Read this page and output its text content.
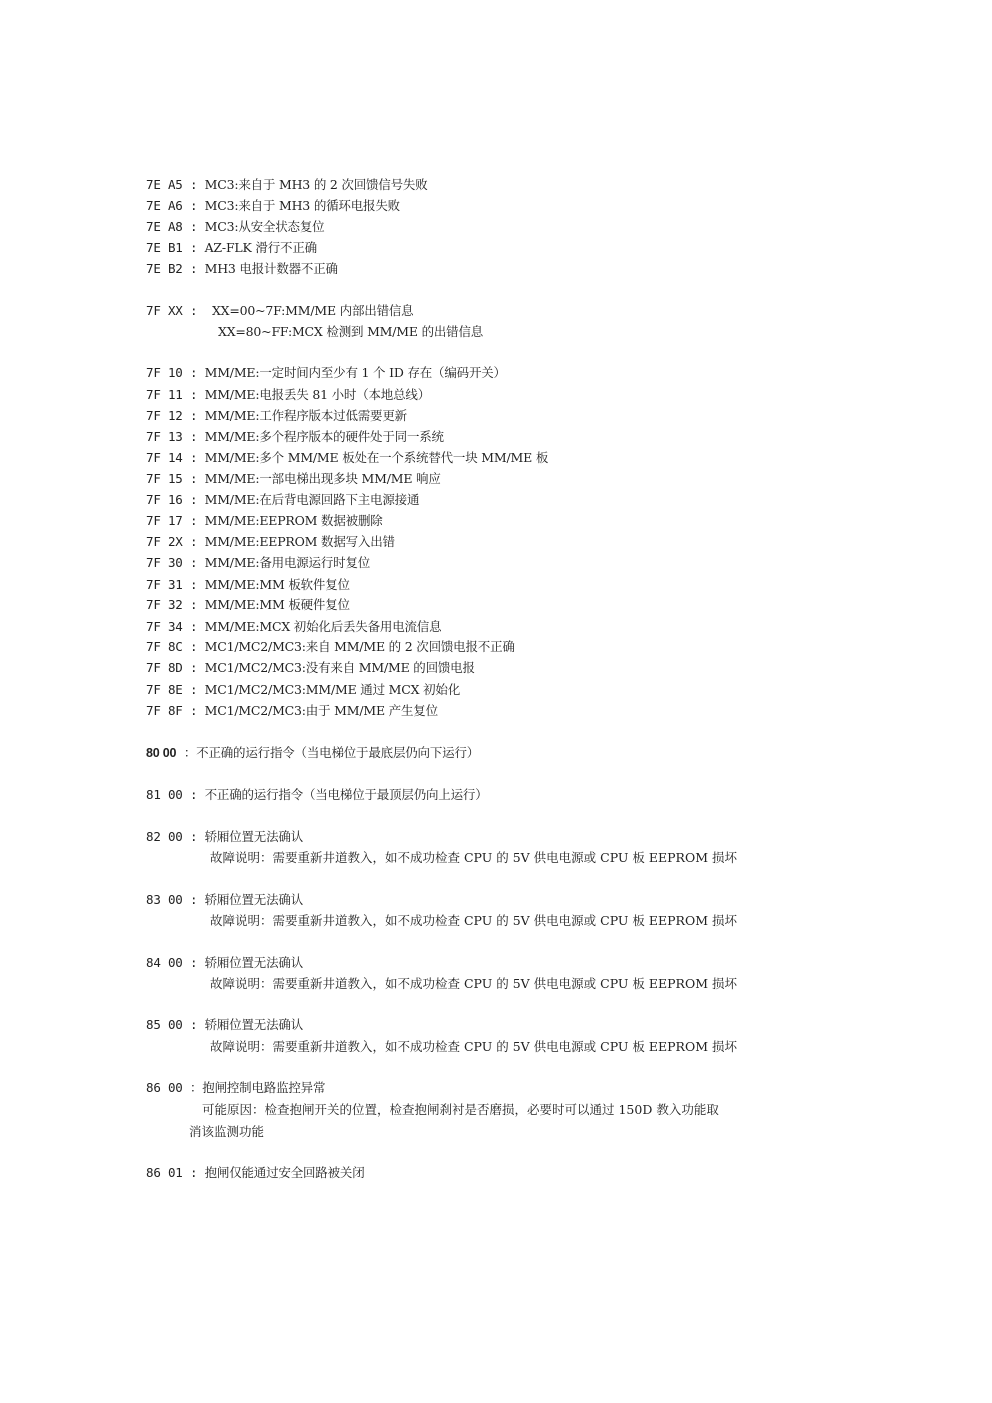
7E A5 : MC3:来自于 MH3 的 2 次回馈信号失败
7E A6 : MC3:来自于 MH3 的循环电报失败
7E A8 : MC3:从安全状态复位
7E B1 : AZ-FLK 滑行不正确
7E B2 : MH3 电报计数器不正确
7F XX :  XX=00~7F:MM/ME 内部出错信息
XX=80~FF:MCX 检测到 MM/ME 的出错信息
7F 10 : MM/ME:一定时间内至少有 1 个 ID 存在（编码开关）
7F 11 : MM/ME:电报丢失 81 小时（本地总线）
7F 12 : MM/ME:工作程序版本过低需要更新
7F 13 : MM/ME:多个程序版本的硬件处于同一系统
7F 14 : MM/ME:多个 MM/ME 板处在一个系统替代一块 MM/ME 板
7F 15 : MM/ME:一部电梯出现多块 MM/ME 响应
7F 16 : MM/ME:在后背电源回路下主电源接通
7F 17 : MM/ME:EEPROM 数据被删除
7F 2X : MM/ME:EEPROM 数据写入出错
7F 30 : MM/ME:备用电源运行时复位
7F 31 : MM/ME:MM 板软件复位
7F 32 : MM/ME:MM 板硬件复位
7F 34 : MM/ME:MCX 初始化后丢失备用电流信息
7F 8C : MC1/MC2/MC3:来自 MM/ME 的 2 次回馈电报不正确
7F 8D : MC1/MC2/MC3:没有来自 MM/ME 的回馈电报
7F 8E : MC1/MC2/MC3:MM/ME 通过 MCX 初始化
7F 8F : MC1/MC2/MC3:由于 MM/ME 产生复位
80 00  ：不正确的运行指令（当电梯位于最底层仍向下运行）
81 00 : 不正确的运行指令（当电梯位于最顶层仍向上运行）
82 00 : 轿厢位置无法确认
故障说明：需要重新井道教入，如不成功检查 CPU 的 5V 供电电源或 CPU 板 EEPROM 损坏
83 00 : 轿厢位置无法确认
故障说明：需要重新井道教入，如不成功检查 CPU 的 5V 供电电源或 CPU 板 EEPROM 损坏
84 00 : 轿厢位置无法确认
故障说明：需要重新井道教入，如不成功检查 CPU 的 5V 供电电源或 CPU 板 EEPROM 损坏
85 00 : 轿厢位置无法确认
故障说明：需要重新井道教入，如不成功检查 CPU 的 5V 供电电源或 CPU 板 EEPROM 损坏
86 00 ：抱闸控制电路监控异常
可能原因：检查抱闸开关的位置，检查抱闸刹衬是否磨损，必要时可以通过 150D 教入功能取
消该监测功能
86 01 : 抱闸仅能通过安全回路被关闭
